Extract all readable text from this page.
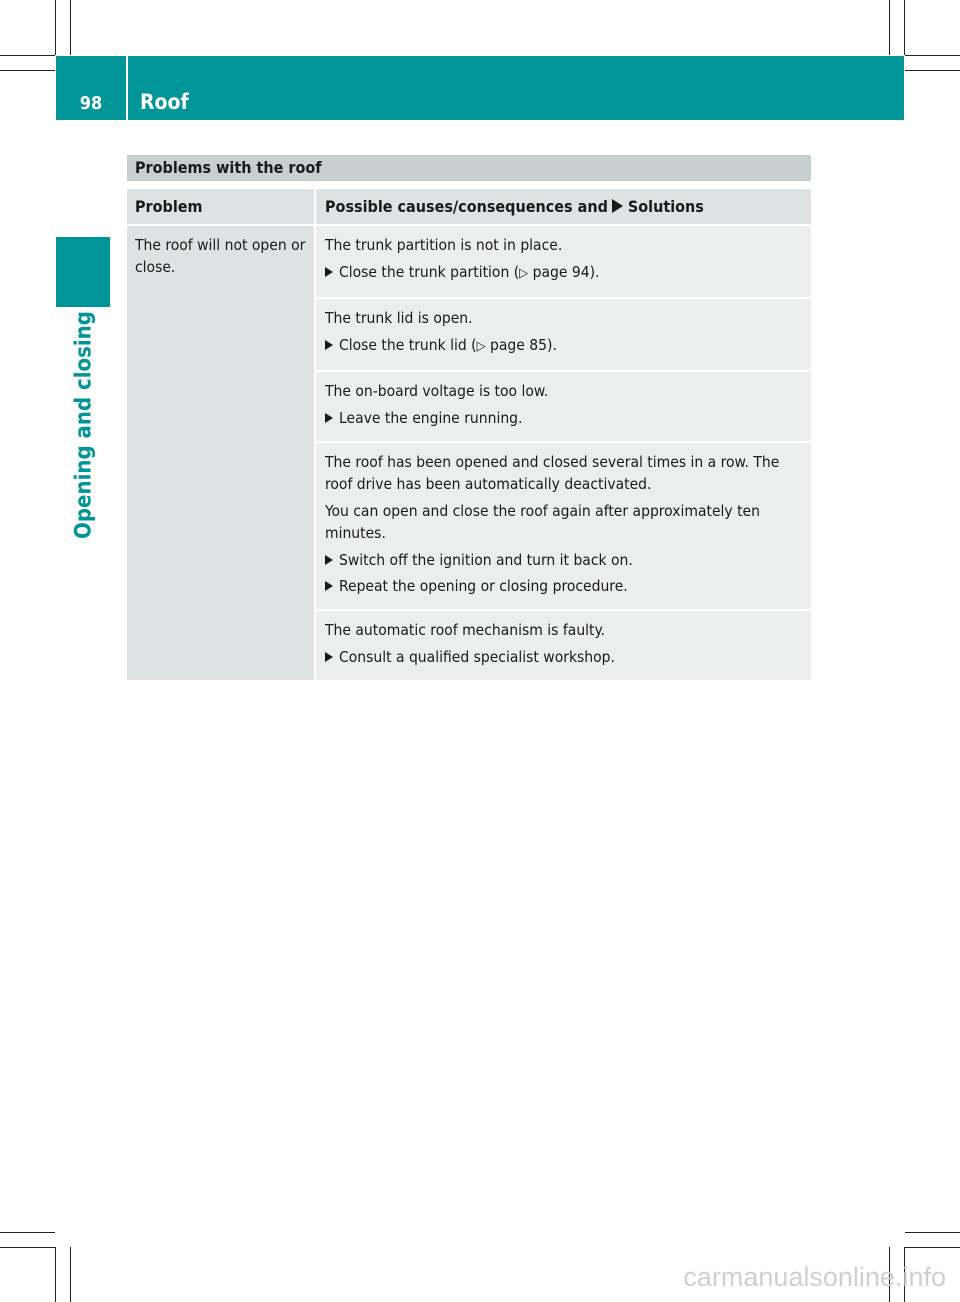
98	Roof
Opening and closing
Problems with the roof
Problem	Possible causes/consequences and Solutions
The roof will not open or close.

The trunk partition is not in place.

Close the trunk partition (▷ page 94).

The trunk lid is open.

Close the trunk lid (▷ page 85).

The on-board voltage is too low.

Leave the engine running.

The roof has been opened and closed several times in a row. The roof drive has been automatically deactivated.

You can open and close the roof again after approximately ten minutes.

Switch off the ignition and turn it back on.
Repeat the opening or closing procedure.

The automatic roof mechanism is faulty.

Consult a qualified specialist workshop.
carmanualsonline.info
